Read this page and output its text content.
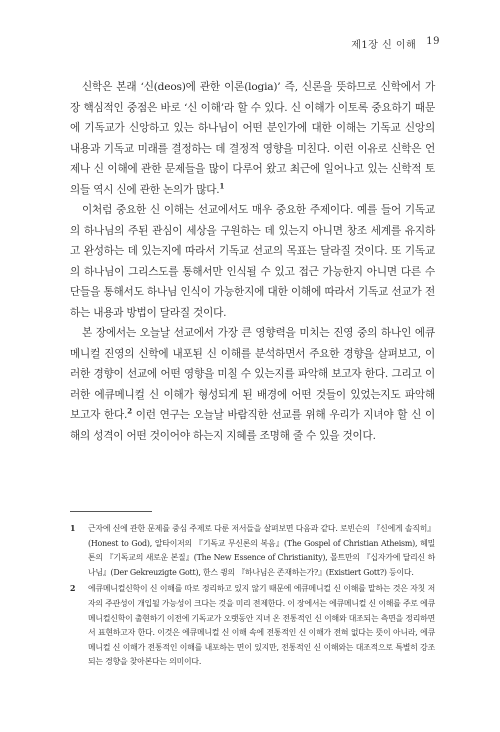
제1장 신 이해 19

신학은 본래 ‘신(deos)에 관한 이론(logia)’ 즉, 신론을 뜻하므로 신학에서 가장 핵심적인 중점은 바로 ‘신 이해’라 할 수 있다. 신 이해가 이토록 중요하기 때문에 기독교가 신앙하고 있는 하나님이 어떤 분인가에 대한 이해는 기독교 신앙의 내용과 기독교 미래를 결정하는 데 결정적 영향을 미친다. 이런 이유로 신학은 언제나 신 이해에 관한 문제들을 많이 다루어 왔고 최근에 일어나고 있는 신학적 토의들 역시 신에 관한 논의가 많다.$^1$

이처럼 중요한 신 이해는 선교에서도 매우 중요한 주제이다. 예를 들어 기독교의 하나님의 주된 관심이 세상을 구원하는 데 있는지 아니면 창조 세계를 유지하고 완성하는 데 있는지에 따라서 기독교 선교의 목표는 달라질 것이다. 또 기독교의 하나님이 그리스도를 통해서만 인식될 수 있고 접근 가능한지 아니면 다른 수단들을 통해서도 하나님 인식이 가능한지에 대한 이해에 따라서 기독교 선교가 전하는 내용과 방법이 달라질 것이다.

본 장에서는 오늘날 선교에서 가장 큰 영향력을 미치는 진영 중의 하나인 에큐메니컬 진영의 신학에 내포된 신 이해를 분석하면서 주요한 경향을 살펴보고, 이러한 경향이 선교에 어떤 영향을 미칠 수 있는지를 파악해 보고자 한다. 그리고 이러한 에큐메니컬 신 이해가 형성되게 된 배경에 어떤 것들이 있었는지도 파악해 보고자 한다.$^2$ 이런 연구는 오늘날 바람직한 선교를 위해 우리가 지녀야 할 신 이해의 성격이 어떤 것이어야 하는지 지혜를 조명해 줄 수 있을 것이다.

1 근자에 신에 관한 문제를 중심 주제로 다룬 저서들을 살펴보면 다음과 같다. 로빈슨의 『신에게 솔직히』(Honest to God), 알타이저의 『기독교 무신론의 복음』(The Gospel of Christian Atheism), 헤밀톤의 『기독교의 새로운 본질』(The New Essence of Christianity), 몰트만의 『십자가에 달리신 하나님』(Der Gekreuzigte Gott), 한스 큉의 『하나님은 존재하는가?』(Existiert Gott?) 등이다.
2 에큐메니컬신학이 신 이해를 따로 정리하고 있지 않기 때문에 에큐메니컬 신 이해를 말하는 것은 자칫 저자의 주관성이 개입될 가능성이 크다는 것을 미리 전제한다. 이 장에서는 에큐메니컬 신 이해를 주로 에큐메니컬신학이 출현하기 이전에 기독교가 오랫동안 지녀 온 전통적인 신 이해와 대조되는 측면을 정리하면서 표현하고자 한다. 이것은 에큐메니컬 신 이해 속에 전통적인 신 이해가 전혀 없다는 뜻이 아니라, 에큐메니컬 신 이해가 전통적인 이해를 내포하는 면이 있지만, 전통적인 신 이해와는 대조적으로 특별히 강조되는 경향을 찾아본다는 의미이다.
